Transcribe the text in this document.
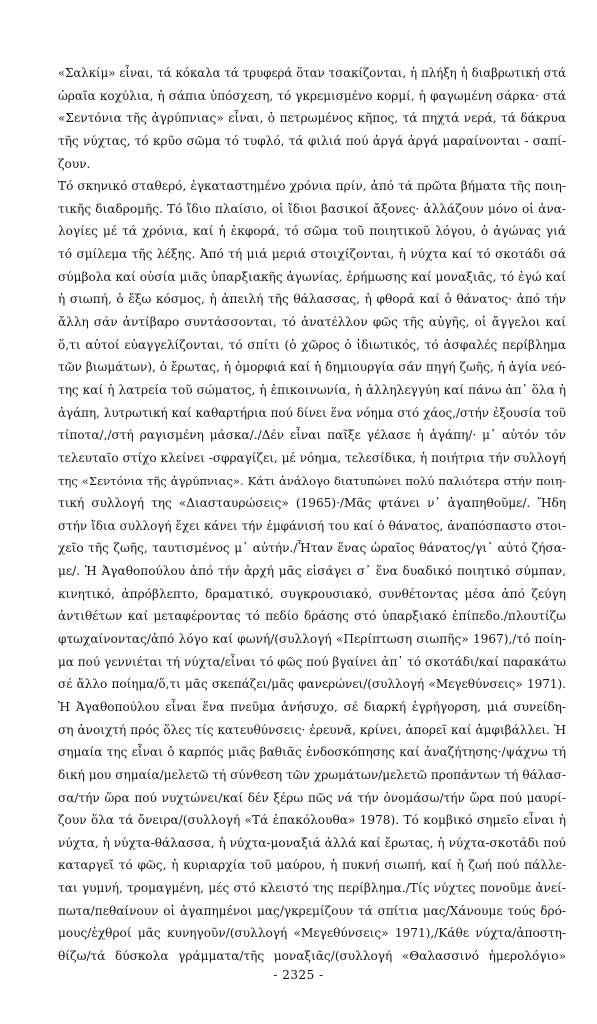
«Σαλκίμ» εἶναι, τά κόκαλα τά τρυφερά ὅταν τσακίζονται, ἡ πλήξη ἡ διαβρωτική στά
ὡραῖα κοχύλια, ἡ σάπια ὑπόσχεση, τό γκρεμισμένο κορμί, ἡ φαγωμένη σάρκα· στά
«Σεντόνια τῆς ἀγρύπνιας» εἶναι, ὁ πετρωμένος κῆπος, τά πηχτά νερά, τά δάκρυα
τῆς νύχτας, τό κρῦο σῶμα τό τυφλό, τά φιλιά πού ἀργά ἀργά μαραίνονται - σαπί-
ζουν.
Τό σκηνικό σταθερό, ἐγκαταστημένο χρόνια πρίν, ἀπό τά πρῶτα βήματα τῆς ποιη-
τικῆς διαδρομῆς. Τό ἴδιο πλαίσιο, οἱ ἴδιοι βασικοί ἄξονες· ἀλλάζουν μόνο οἱ ἀνα-
λογίες μέ τά χρόνια, καί ἡ ἐκφορά, τό σῶμα τοῦ ποιητικοῦ λόγου, ὁ ἀγώνας γιά
τό σμίλεμα τῆς λέξης. Ἀπό τή μιά μεριά στοιχίζονται, ἡ νύχτα καί τό σκοτάδι σά
σύμβολα καί οὐσία μιᾶς ὑπαρξιακῆς ἀγωνίας, ἐρήμωσης καί μοναξιᾶς, τό ἐγώ καί
ἡ σιωπή, ὁ ἔξω κόσμος, ἡ ἀπειλή τῆς θάλασσας, ἡ φθορά καί ὁ θάνατος· ἀπό τήν
ἄλλη σάν ἀντίβαρο συντάσσονται, τό ἀνατέλλον φῶς τῆς αὐγῆς, οἱ ἄγγελοι καί
ὅ,τι αὐτοί εὐαγγελίζονται, τό σπίτι (ὁ χῶρος ὁ ἰδιωτικός, τό ἀσφαλές περίβλημα
τῶν βιωμάτων), ὁ ἔρωτας, ἡ ὀμορφιά καί ἡ δημιουργία σάν πηγή ζωῆς, ἡ ἁγία νεό-
της καί ἡ λατρεία τοῦ σώματος, ἡ ἐπικοινωνία, ἡ ἀλληλεγγύη καί πάνω ἀπ᾽ ὅλα ἡ
ἀγάπη, λυτρωτική καί καθαρτήρια πού δίνει ἕνα νόημα στό χάος,/στήν ἐξουσία τοῦ
τίποτα/,/στή ραγισμένη μάσκα/./Δέν εἶναι παῖξε γέλασε ἡ ἀγάπη/· μ᾽ αὐτόν τόν
τελευταῖο στίχο κλείνει -σφραγίζει, μέ νόημα, τελεσίδικα, ἡ ποιήτρια τήν συλλογή
της «Σεντόνια τῆς ἀγρύπνιας». Κάτι ἀνάλογο διατυπώνει πολύ παλιότερα στήν ποιη-
τική συλλογή της «Διασταυρώσεις» (1965)·/Μᾶς φτάνει ν᾽ ἀγαπηθοῦμε/. Ἤδη
στήν ἴδια συλλογή ἔχει κάνει τήν ἐμφάνισή του καί ὁ θάνατος, ἀναπόσπαστο στοι-
χεῖο τῆς ζωῆς, ταυτισμένος μ᾽ αὐτήν./Ἦταν ἕνας ὡραῖος θάνατος/γι᾽ αὐτό ζήσα-
με/. Ἡ Ἀγαθοπούλου ἀπό τήν ἀρχή μᾶς εἰσάγει σ᾽ ἕνα δυαδικό ποιητικό σύμπαν,
κινητικό, ἀπρόβλεπτο, δραματικό, συγκρουσιακό, συνθέτοντας μέσα ἀπό ζεύγη
ἀντιθέτων καί μεταφέροντας τό πεδίο δράσης στό ὑπαρξιακό ἐπίπεδο./πλουτίζω
φτωχαίνοντας/ἀπό λόγο καί φωνή/(συλλογή «Περίπτωση σιωπῆς» 1967),/τό ποίη-
μα πού γεννιέται τή νύχτα/εἶναι τό φῶς πού βγαίνει ἀπ᾽ τό σκοτάδι/καί παρακάτω
σέ ἄλλο ποίημα/ὅ,τι μᾶς σκεπάζει/μᾶς φανερώνει/(συλλογή «Μεγεθύνσεις» 1971).
Ἡ Ἀγαθοπούλου εἶναι ἕνα πνεῦμα ἀνήσυχο, σέ διαρκή ἐγρήγορση, μιά συνείδη-
ση ἀνοιχτή πρός ὅλες τίς κατευθύνσεις· ἐρευνᾶ, κρίνει, ἀπορεῖ καί ἀμφιβάλλει. Ἡ
σημαία της εἶναι ὁ καρπός μιᾶς βαθιᾶς ἐνδοσκόπησης καί ἀναζήτησης·/ψάχνω τή
δική μου σημαία/μελετῶ τή σύνθεση τῶν χρωμάτων/μελετῶ προπάντων τή θάλασ-
σα/τήν ὥρα πού νυχτώνει/καί δέν ξέρω πῶς νά τήν ὀνομάσω/τήν ὥρα πού μαυρί-
ζουν ὅλα τά ὄνειρα/(συλλογή «Τά ἐπακόλουθα» 1978). Τό κομβικό σημεῖο εἶναι ἡ
νύχτα, ἡ νύχτα-θάλασσα, ἡ νύχτα-μοναξιά ἀλλά καί ἔρωτας, ἡ νύχτα-σκοτάδι πού
καταργεῖ τό φῶς, ἡ κυριαρχία τοῦ μαύρου, ἡ πυκνή σιωπή, καί ἡ ζωή πού πάλλε-
ται γυμνή, τρομαγμένη, μές στό κλειστό της περίβλημα./Τίς νύχτες πονοῦμε ἀνεί-
πωτα/πεθαίνουν οἱ ἀγαπημένοι μας/γκρεμίζουν τά σπίτια μας/Χάνουμε τούς δρό-
μους/ἐχθροί μᾶς κυνηγοῦν/(συλλογή «Μεγεθύνσεις» 1971),/Κάθε νύχτα/ἀποστη-
θίζω/τά δύσκολα γράμματα/τῆς μοναξιᾶς/(συλλογή «Θαλασσινό ἡμερολόγιο»
- 2325 -
